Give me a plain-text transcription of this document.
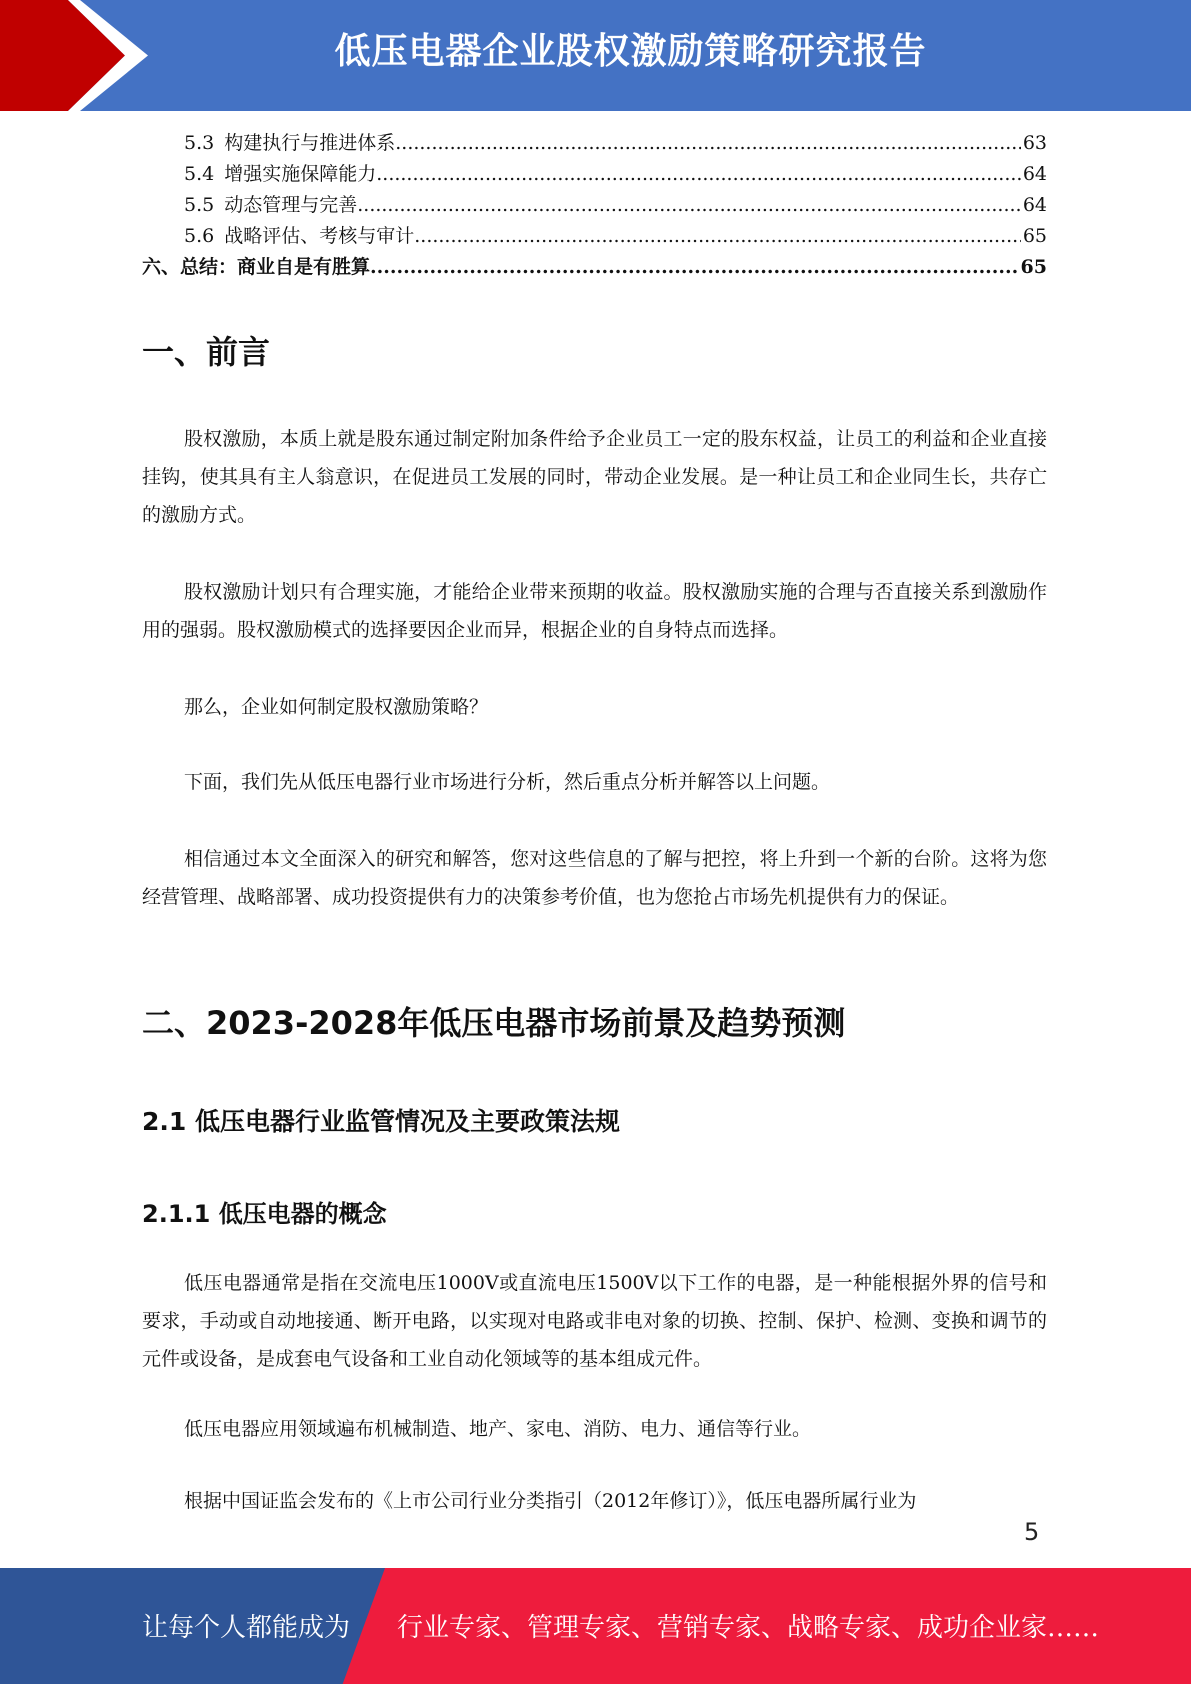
低压电器企业股权激励策略研究报告
5.3 构建执行与推进体系 .....	63
5.4 增强实施保障能力 .....	64
5.5 动态管理与完善 .....	64
5.6 战略评估、考核与审计 .....	65
六、总结：商业自是有胜算 .....	65
一、前言

股权激励，本质上就是股东通过制定附加条件给予企业员工一定的股东权益，让员工的利益和企业直接挂钩，使其具有主人翁意识，在促进员工发展的同时，带动企业发展。是一种让员工和企业同生长，共存亡的激励方式。

股权激励计划只有合理实施，才能给企业带来预期的收益。股权激励实施的合理与否直接关系到激励作用的强弱。股权激励模式的选择要因企业而异，根据企业的自身特点而选择。

那么，企业如何制定股权激励策略？

下面，我们先从低压电器行业市场进行分析，然后重点分析并解答以上问题。

相信通过本文全面深入的研究和解答，您对这些信息的了解与把控，将上升到一个新的台阶。这将为您经营管理、战略部署、成功投资提供有力的决策参考价值，也为您抢占市场先机提供有力的保证。

二、2023-2028年低压电器市场前景及趋势预测
2.1 低压电器行业监管情况及主要政策法规
2.1.1 低压电器的概念

低压电器通常是指在交流电压1000V或直流电压1500V以下工作的电器，是一种能根据外界的信号和要求，手动或自动地接通、断开电路，以实现对电路或非电对象的切换、控制、保护、检测、变换和调节的元件或设备，是成套电气设备和工业自动化领域等的基本组成元件。

低压电器应用领域遍布机械制造、地产、家电、消防、电力、通信等行业。

根据中国证监会发布的《上市公司行业分类指引（2012年修订）》，低压电器所属行业为

5
让每个人都能成为 行业专家、管理专家、营销专家、战略专家、成功企业家……
